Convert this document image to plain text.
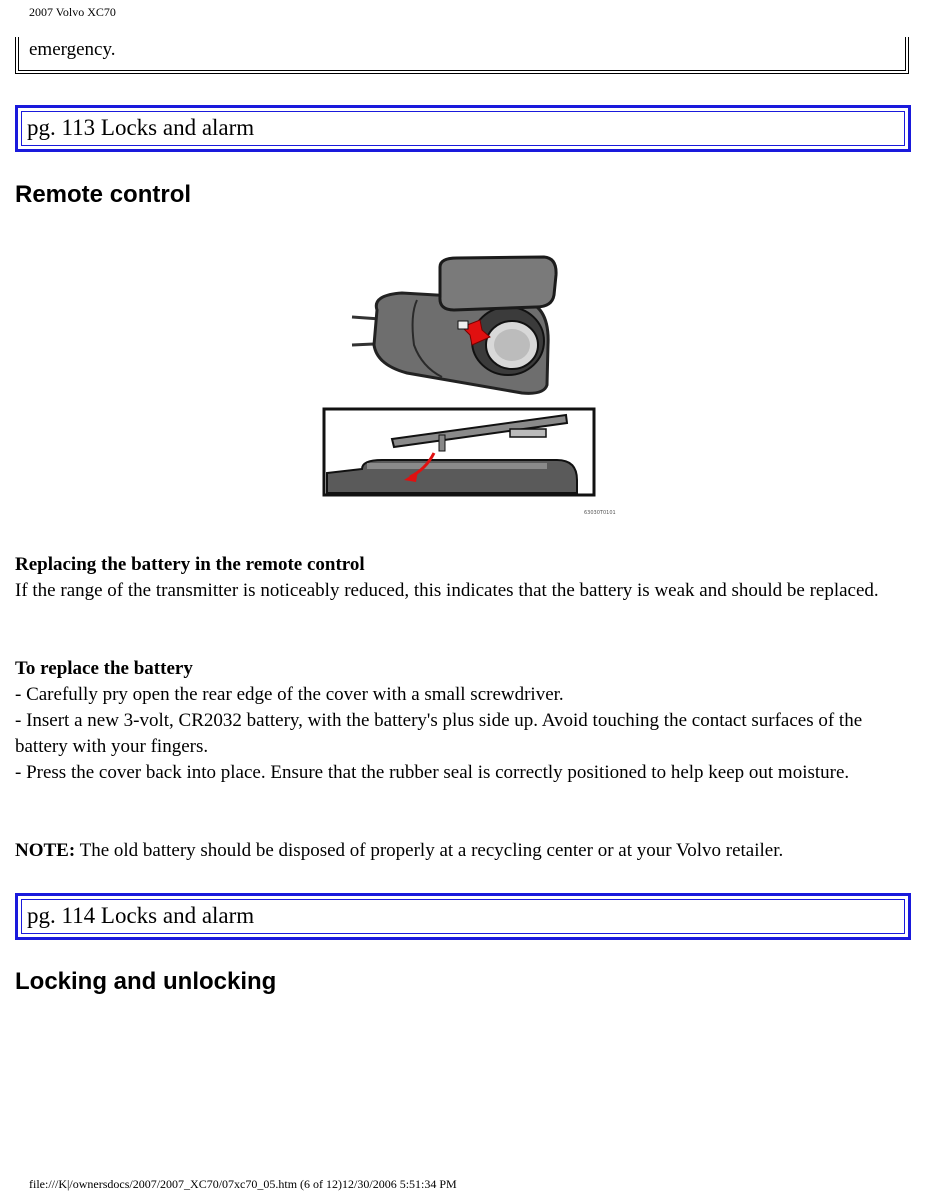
2007 Volvo XC70
emergency.
pg. 113 Locks and alarm
Remote control
63030T0101

Replacing the battery in the remote control

If the range of the transmitter is noticeably reduced, this indicates that the battery is weak and should be replaced.

To replace the battery

- Carefully pry open the rear edge of the cover with a small screwdriver.

- Insert a new 3-volt, CR2032 battery, with the battery's plus side up. Avoid touching the contact surfaces of the battery with your fingers.

- Press the cover back into place. Ensure that the rubber seal is correctly positioned to help keep out moisture.

NOTE: The old battery should be disposed of properly at a recycling center or at your Volvo retailer.

pg. 114 Locks and alarm
Locking and unlocking
file:///K|/ownersdocs/2007/2007_XC70/07xc70_05.htm (6 of 12)12/30/2006 5:51:34 PM
